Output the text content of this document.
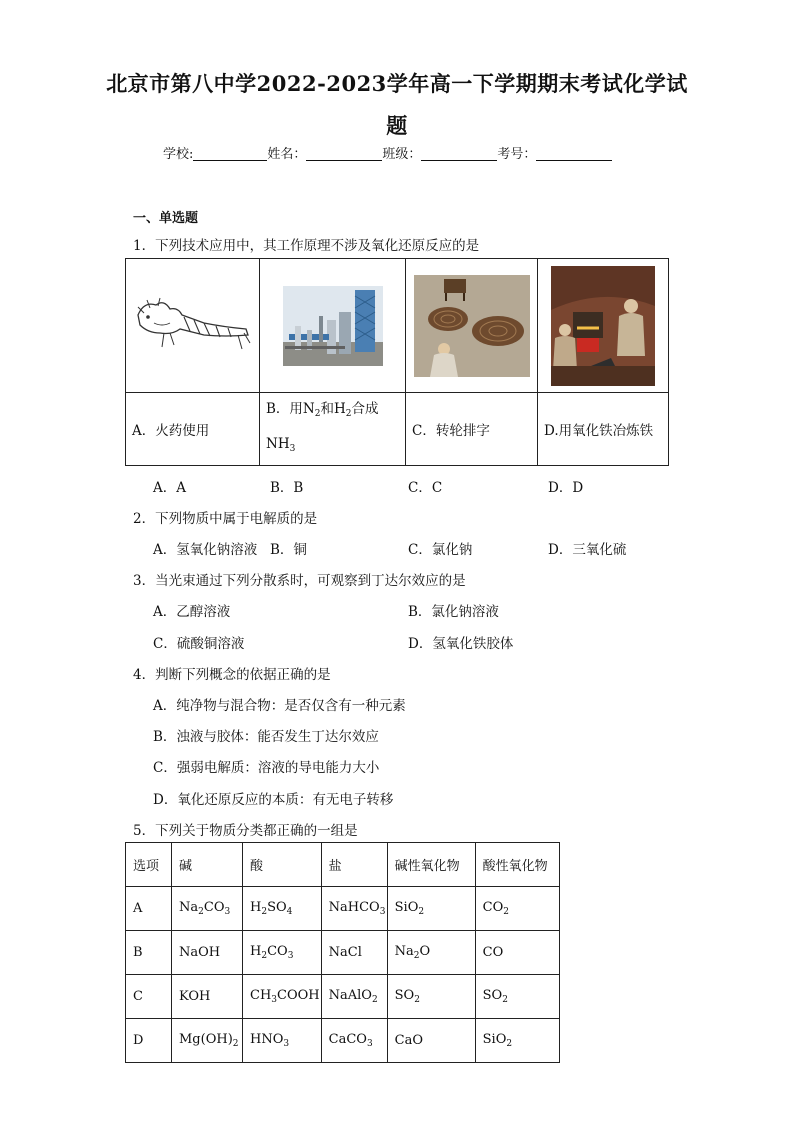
北京市第八中学2022-2023学年高一下学期期末考试化学试
题
学校:	姓名：	班级：	考号：
一、单选题
1．下列技术应用中，其工作原理不涉及氧化还原反应的是

A．火药使用	B．用$N_2$和$H_2$合成
$NH_3$	C．转轮排字	D.用氧化铁冶炼铁
A．A	B．B	C．C	D．D
2．下列物质中属于电解质的是
A．氢氧化钠溶液 B．铜	C．氯化钠	D．三氧化硫
3．当光束通过下列分散系时，可观察到丁达尔效应的是
A．乙醇溶液	B．氯化钠溶液
C．硫酸铜溶液	D．氢氧化铁胶体
4．判断下列概念的依据正确的是
A．纯净物与混合物：是否仅含有一种元素
B．浊液与胶体：能否发生丁达尔效应
C．强弱电解质：溶液的导电能力大小
D．氧化还原反应的本质：有无电子转移
5．下列关于物质分类都正确的一组是
选项	碱	酸	盐	碱性氧化物	酸性氧化物
A	$Na_2CO_3$	$H_2SO_4$	NaHCO$_3$	SiO$_2$	$CO_2$
B	NaOH	$H_2CO_3$	NaCl	$Na_2O$	CO
C	KOH	$CH_3COOH$	NaAlO$_2$	$SO_2$	$SO_2$
D	$Mg(OH)_2$	$HNO_3$	CaCO$_3$	CaO	SiO$_2$
